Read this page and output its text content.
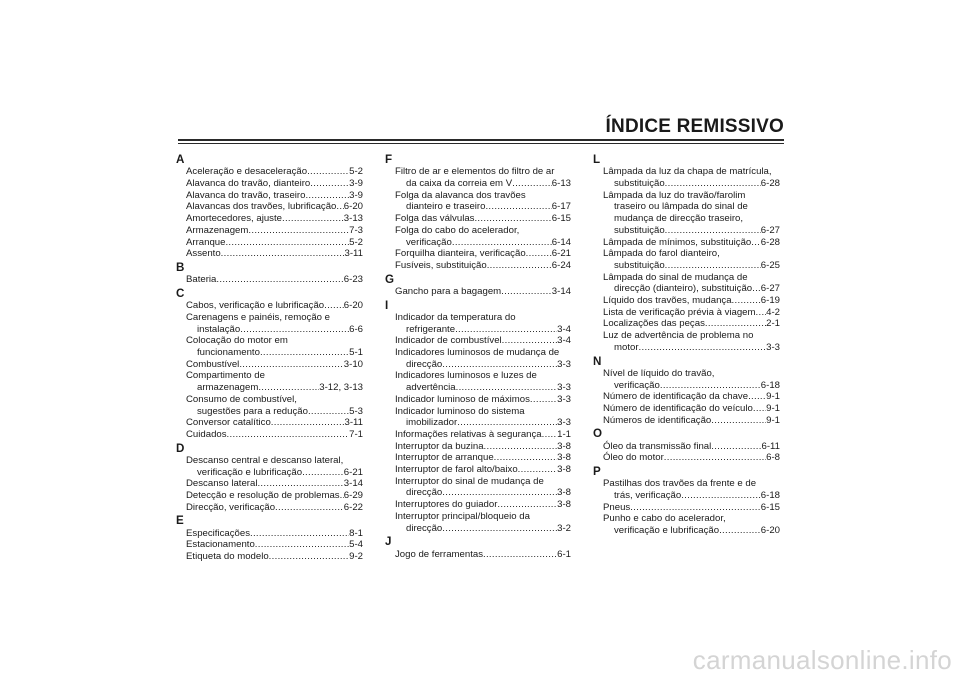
ÍNDICE REMISSIVO
A
Aceleração e desaceleração .....	5-2
Alavanca do travão, dianteiro .....	3-9
Alavanca do travão, traseiro .....	3-9
Alavancas dos travões, lubrificação ..... 6-20
Amortecedores, ajuste .....	3-13
Armazenagem .....	7-3
Arranque .....	5-2
Assento .....	3-11
B
Bateria .....	6-23
C
Cabos, verificação e lubrificação ..... 6-20
Carenagens e painéis, remoção e
instalação .....	6-6
Colocação do motor em
funcionamento .....	5-1
Combustível .....	3-10
Compartimento de
armazenagem .....	3-12, 3-13
Consumo de combustível,
sugestões para a redução .....	5-3
Conversor catalítico .....	3-11
Cuidados .....	7-1
D
Descanso central e descanso lateral,
verificação e lubrificação .....	6-21
Descanso lateral .....	3-14
Detecção e resolução de problemas ..... 6-29
Direcção, verificação .....	6-22
E
Especificações .....	8-1
Estacionamento .....	5-4
Etiqueta do modelo .....	9-2
F
Filtro de ar e elementos do filtro de ar
da caixa da correia em V .....	6-13
Folga da alavanca dos travões
dianteiro e traseiro .....	6-17
Folga das válvulas .....	6-15
Folga do cabo do acelerador,
verificação .....	6-14
Forquilha dianteira, verificação .....	6-21
Fusíveis, substituição .....	6-24
G
Gancho para a bagagem .....	3-14
I
Indicador da temperatura do
refrigerante .....	3-4
Indicador de combustível .....	3-4
Indicadores luminosos de mudança de
direcção .....	3-3
Indicadores luminosos e luzes de
advertência .....	3-3
Indicador luminoso de máximos .....	3-3
Indicador luminoso do sistema
imobilizador .....	3-3
Informações relativas à segurança ..... 1-1
Interruptor da buzina .....	3-8
Interruptor de arranque .....	3-8
Interruptor de farol alto/baixo .....	3-8
Interruptor do sinal de mudança de
direcção .....	3-8
Interruptores do guiador .....	3-8
Interruptor principal/bloqueio da
direcção .....	3-2
J
Jogo de ferramentas .....	6-1
L
Lâmpada da luz da chapa de matrícula,
substituição .....	6-28
Lâmpada da luz do travão/farolim
traseiro ou lâmpada do sinal de
mudança de direcção traseiro,
substituição .....	6-27
Lâmpada de mínimos, substituição ..... 6-28
Lâmpada do farol dianteiro,
substituição .....	6-25
Lâmpada do sinal de mudança de
direcção (dianteiro), substituição ..... 6-27
Líquido dos travões, mudança .....	6-19
Lista de verificação prévia à viagem ..... 4-2
Localizações das peças .....	2-1
Luz de advertência de problema no
motor .....	3-3
N
Nível de líquido do travão,
verificação .....	6-18
Número de identificação da chave ..... 9-1
Número de identificação do veículo ..... 9-1
Números de identificação .....	9-1
O
Óleo da transmissão final .....	6-11
Óleo do motor .....	6-8
P
Pastilhas dos travões da frente e de
trás, verificação .....	6-18
Pneus .....	6-15
Punho e cabo do acelerador,
verificação e lubrificação .....	6-20
carmanualsonline.info
